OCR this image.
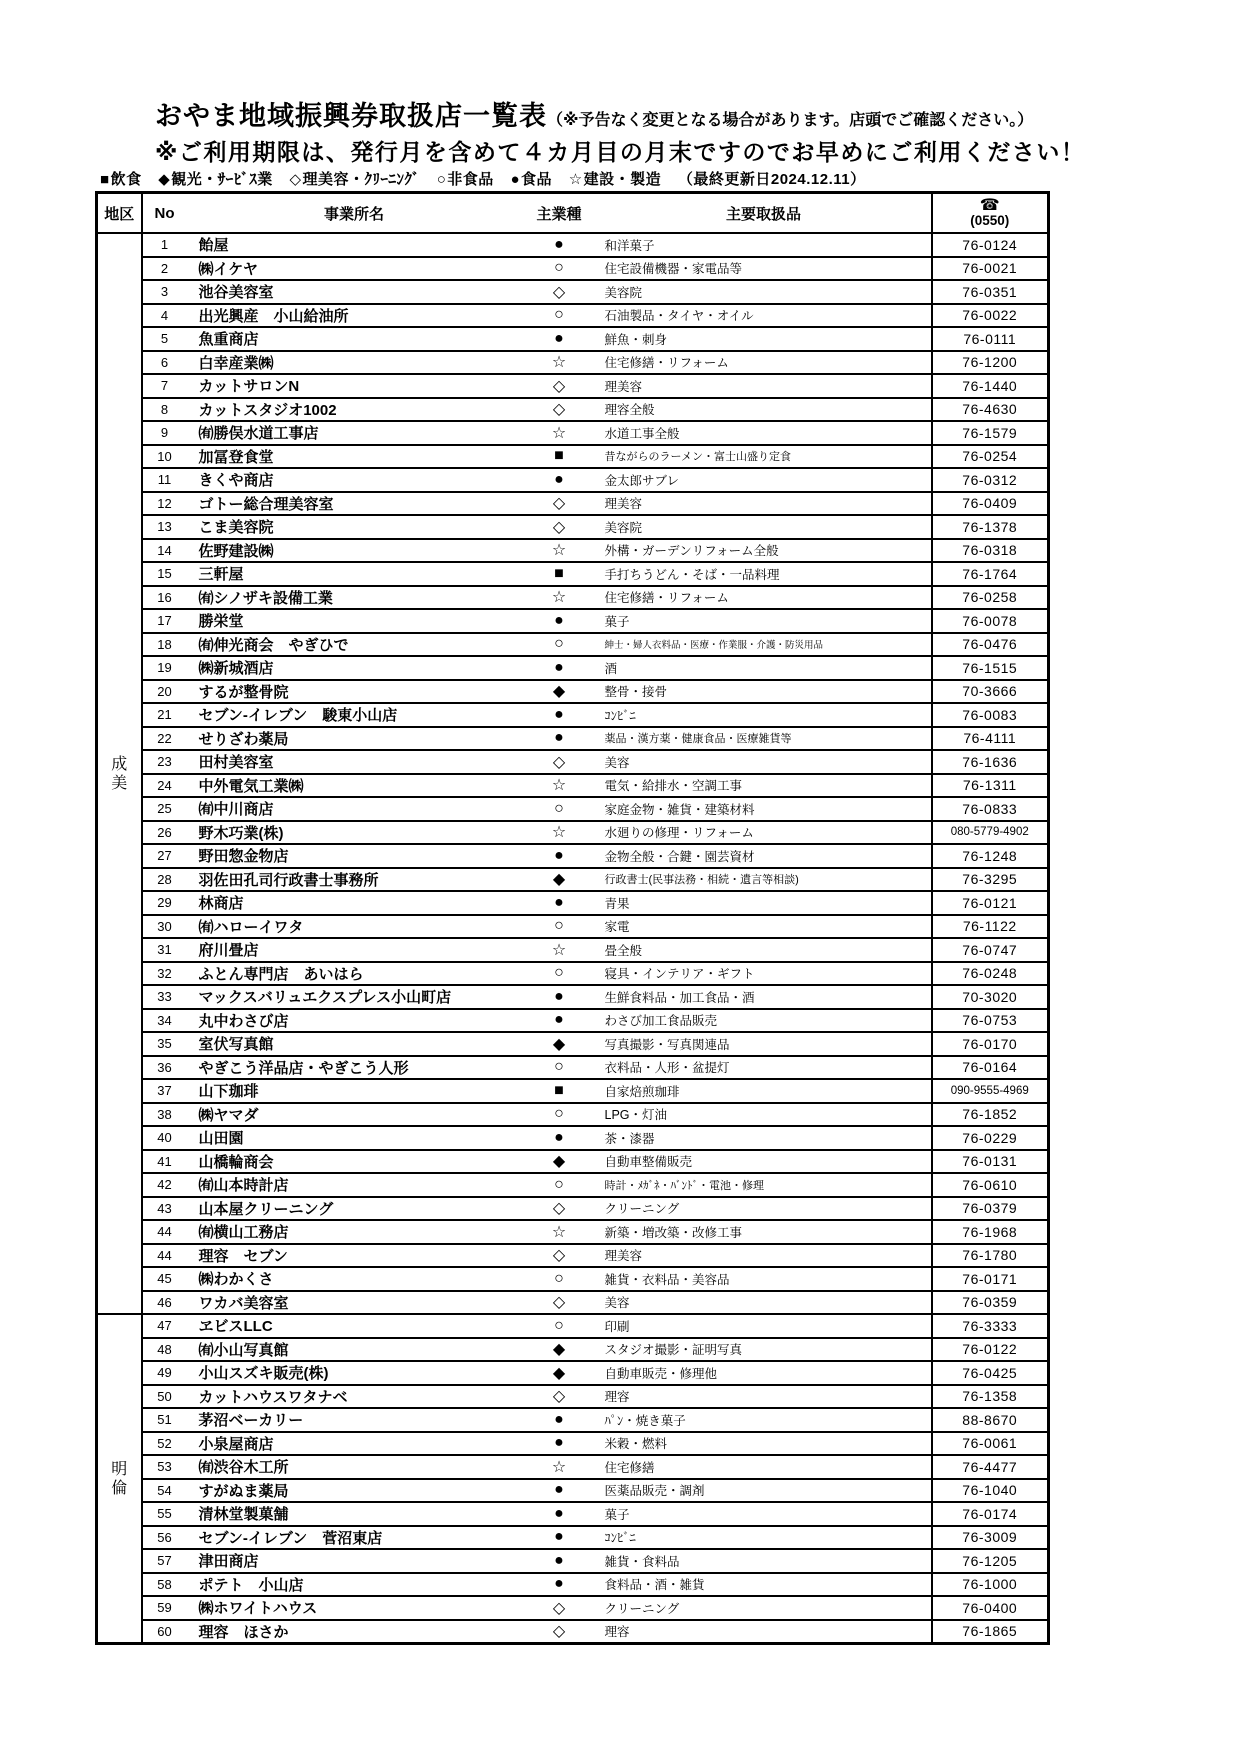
おやま地域振興券取扱店一覧表（※予告なく変更となる場合があります。店頭でご確認ください。）
※ご利用期限は、発行月を含めて４カ月目の月末ですのでお早めにご利用ください！
■飲食 ◆観光・ｻｰﾋﾞｽ業 ◇理美容・ｸﾘｰﾆﾝｸﾞ ○非食品 ●食品 ☆建設・製造 （最終更新日2024.12.11）
地区	No	事業所名	主業種	主要取扱品	☎
(0550)

成
美	1	飴屋	●	和洋菓子	76-0124
	2	㈱イケヤ	○	住宅設備機器・家電品等	76-0021
	3	池谷美容室	◇	美容院	76-0351
	4	出光興産　小山給油所	○	石油製品・タイヤ・オイル	76-0022
	5	魚重商店	●	鮮魚・刺身	76-0111
	6	白幸産業㈱	☆	住宅修繕・リフォーム	76-1200
	7	カットサロンN	◇	理美容	76-1440
	8	カットスタジオ1002	◇	理容全般	76-4630
	9	㈲勝俣水道工事店	☆	水道工事全般	76-1579
	10	加冨登食堂	■	昔ながらのラーメン・富士山盛り定食	76-0254
	11	きくや商店	●	金太郎サブレ	76-0312
	12	ゴトー総合理美容室	◇	理美容	76-0409
	13	こま美容院	◇	美容院	76-1378
	14	佐野建設㈱	☆	外構・ガーデンリフォーム全般	76-0318
	15	三軒屋	■	手打ちうどん・そば・一品料理	76-1764
	16	㈲シノザキ設備工業	☆	住宅修繕・リフォーム	76-0258
	17	勝栄堂	●	菓子	76-0078
	18	㈲伸光商会　やぎひで	○	紳士・婦人衣料品・医療・作業服・介護・防災用品	76-0476
	19	㈱新城酒店	●	酒	76-1515
	20	するが整骨院	◆	整骨・接骨	70-3666
	21	セブン-イレブン　駿東小山店	●	ｺﾝﾋﾞﾆ	76-0083
	22	せりざわ薬局	●	薬品・漢方薬・健康食品・医療雑貨等	76-4111
	23	田村美容室	◇	美容	76-1636
	24	中外電気工業㈱	☆	電気・給排水・空調工事	76-1311
	25	㈲中川商店	○	家庭金物・雑貨・建築材料	76-0833
	26	野木巧業(株)	☆	水廻りの修理・リフォーム	080-5779-4902
	27	野田惣金物店	●	金物全般・合鍵・園芸資材	76-1248
	28	羽佐田孔司行政書士事務所	◆	行政書士(民事法務・相続・遺言等相談)	76-3295
	29	林商店	●	青果	76-0121
	30	㈲ハローイワタ	○	家電	76-1122
	31	府川畳店	☆	畳全般	76-0747
	32	ふとん専門店　あいはら	○	寝具・インテリア・ギフト	76-0248
	33	マックスバリュエクスプレス小山町店	●	生鮮食料品・加工食品・酒	70-3020
	34	丸中わさび店	●	わさび加工食品販売	76-0753
	35	室伏写真館	◆	写真撮影・写真関連品	76-0170
	36	やぎこう洋品店・やぎこう人形	○	衣料品・人形・盆提灯	76-0164
	37	山下珈琲	■	自家焙煎珈琲	090-9555-4969
	38	㈱ヤマダ	○	LPG・灯油	76-1852
	40	山田園	●	茶・漆器	76-0229
	41	山橋輪商会	◆	自動車整備販売	76-0131
	42	㈲山本時計店	○	時計・ﾒｶﾞﾈ・ﾊﾞﾝﾄﾞ・電池・修理	76-0610
	43	山本屋クリーニング	◇	クリーニング	76-0379
	44	㈲横山工務店	☆	新築・増改築・改修工事	76-1968
	44	理容　セブン	◇	理美容	76-1780
	45	㈱わかくさ	○	雑貨・衣料品・美容品	76-0171
	46	ワカバ美容室	◇	美容	76-0359

明
倫	47	ヱビスLLC	○	印刷	76-3333
	48	㈲小山写真館	◆	スタジオ撮影・証明写真	76-0122
	49	小山スズキ販売(株)	◆	自動車販売・修理他	76-0425
	50	カットハウスワタナベ	◇	理容	76-1358
	51	茅沼ベーカリー	●	ﾊﾟﾝ・焼き菓子	88-8670
	52	小泉屋商店	●	米穀・燃料	76-0061
	53	㈲渋谷木工所	☆	住宅修繕	76-4477
	54	すがぬま薬局	●	医薬品販売・調剤	76-1040
	55	清林堂製菓舗	●	菓子	76-0174
	56	セブン-イレブン　菅沼東店	●	ｺﾝﾋﾞﾆ	76-3009
	57	津田商店	●	雑貨・食料品	76-1205
	58	ポテト　小山店	●	食料品・酒・雑貨	76-1000
	59	㈱ホワイトハウス	◇	クリーニング	76-0400
	60	理容　ほさか	◇	理容	76-1865
